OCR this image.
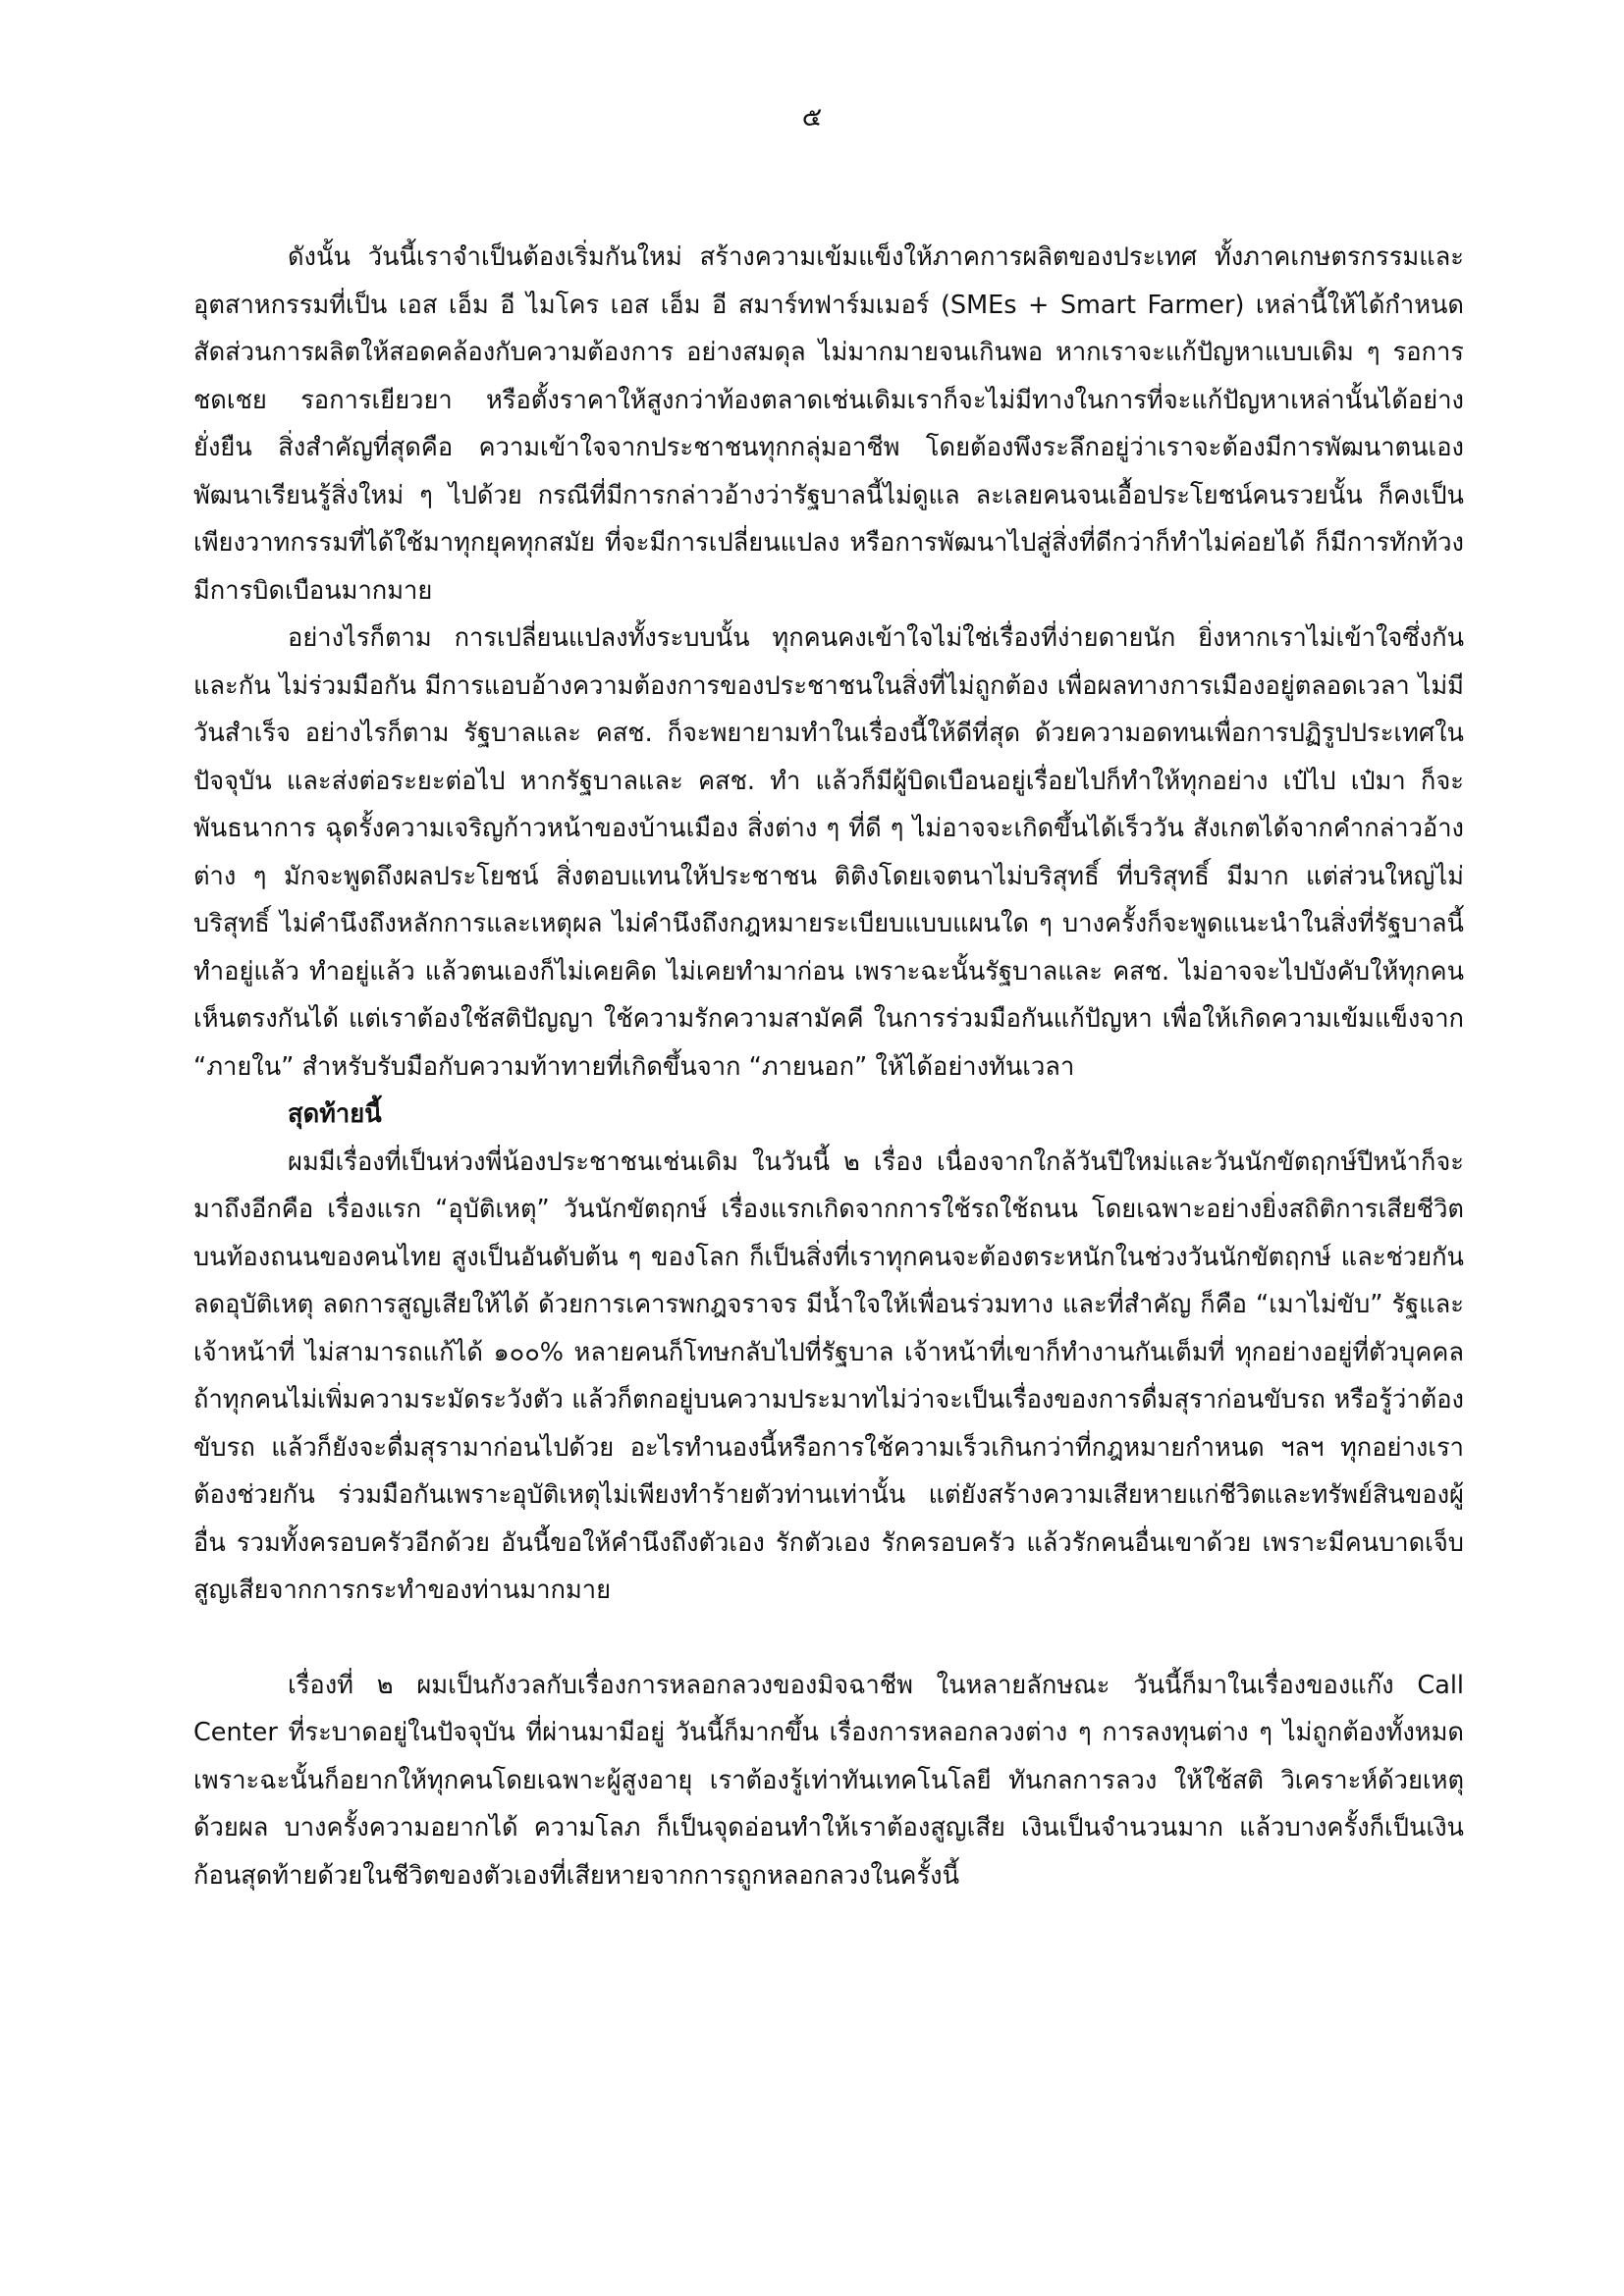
๕

ดังนั้น วันนี้เราจำเป็นต้องเริ่มกันใหม่ สร้างความเข้มแข็งให้ภาคการผลิตของประเทศ ทั้งภาคเกษตรกรรมและอุตสาหกรรมที่เป็น เอส เอ็ม อี ไมโคร เอส เอ็ม อี สมาร์ทฟาร์มเมอร์ (SMEs + Smart Farmer) เหล่านี้ให้ได้กำหนดสัดส่วนการผลิตให้สอดคล้องกับความต้องการ อย่างสมดุล ไม่มากมายจนเกินพอ หากเราจะแก้ปัญหาแบบเดิม ๆ รอการชดเชย รอการเยียวยา หรือตั้งราคาให้สูงกว่าท้องตลาดเช่นเดิมเราก็จะไม่มีทางในการที่จะแก้ปัญหาเหล่านั้นได้อย่างยั่งยืน สิ่งสำคัญที่สุดคือ ความเข้าใจจากประชาชนทุกกลุ่มอาชีพ โดยต้องพึงระลึกอยู่ว่าเราจะต้องมีการพัฒนาตนเอง พัฒนาเรียนรู้สิ่งใหม่ ๆ ไปด้วย กรณีที่มีการกล่าวอ้างว่ารัฐบาลนี้ไม่ดูแล ละเลยคนจนเอื้อประโยชน์คนรวยนั้น ก็คงเป็นเพียงวาทกรรมที่ได้ใช้มาทุกยุคทุกสมัย ที่จะมีการเปลี่ยนแปลง หรือการพัฒนาไปสู่สิ่งที่ดีกว่าก็ทำไม่ค่อยได้ ก็มีการทักท้วง มีการบิดเบือนมากมาย

อย่างไรก็ตาม การเปลี่ยนแปลงทั้งระบบนั้น ทุกคนคงเข้าใจไม่ใช่เรื่องที่ง่ายดายนัก ยิ่งหากเราไม่เข้าใจซึ่งกันและกัน ไม่ร่วมมือกัน มีการแอบอ้างความต้องการของประชาชนในสิ่งที่ไม่ถูกต้อง เพื่อผลทางการเมืองอยู่ตลอดเวลา ไม่มีวันสำเร็จ อย่างไรก็ตาม รัฐบาลและ คสช. ก็จะพยายามทำในเรื่องนี้ให้ดีที่สุด ด้วยความอดทนเพื่อการปฏิรูปประเทศในปัจจุบัน และส่งต่อระยะต่อไป หากรัฐบาลและ คสช. ทำ แล้วก็มีผู้บิดเบือนอยู่เรื่อยไปก็ทำให้ทุกอย่าง เป๋ไป เป๋มา ก็จะพันธนาการ ฉุดรั้งความเจริญก้าวหน้าของบ้านเมือง สิ่งต่าง ๆ ที่ดี ๆ ไม่อาจจะเกิดขึ้นได้เร็ววัน สังเกตได้จากคำกล่าวอ้างต่าง ๆ มักจะพูดถึงผลประโยชน์ สิ่งตอบแทนให้ประชาชน ติติงโดยเจตนาไม่บริสุทธิ์ ที่บริสุทธิ์ มีมาก แต่ส่วนใหญ่ไม่บริสุทธิ์ ไม่คำนึงถึงหลักการและเหตุผล ไม่คำนึงถึงกฎหมายระเบียบแบบแผนใด ๆ บางครั้งก็จะพูดแนะนำในสิ่งที่รัฐบาลนี้ทำอยู่แล้ว ทำอยู่แล้ว แล้วตนเองก็ไม่เคยคิด ไม่เคยทำมาก่อน เพราะฉะนั้นรัฐบาลและ คสช. ไม่อาจจะไปบังคับให้ทุกคนเห็นตรงกันได้ แต่เราต้องใช้สติปัญญา ใช้ความรักความสามัคคี ในการร่วมมือกันแก้ปัญหา เพื่อให้เกิดความเข้มแข็งจาก “ภายใน” สำหรับรับมือกับความท้าทายที่เกิดขึ้นจาก “ภายนอก” ให้ได้อย่างทันเวลา

สุดท้ายนี้

ผมมีเรื่องที่เป็นห่วงพี่น้องประชาชนเช่นเดิม ในวันนี้ ๒ เรื่อง เนื่องจากใกล้วันปีใหม่และวันนักขัตฤกษ์ปีหน้าก็จะมาถึงอีกคือ เรื่องแรก “อุบัติเหตุ” วันนักขัตฤกษ์ เรื่องแรกเกิดจากการใช้รถใช้ถนน โดยเฉพาะอย่างยิ่งสถิติการเสียชีวิตบนท้องถนนของคนไทย สูงเป็นอันดับต้น ๆ ของโลก ก็เป็นสิ่งที่เราทุกคนจะต้องตระหนักในช่วงวันนักขัตฤกษ์ และช่วยกันลดอุบัติเหตุ ลดการสูญเสียให้ได้ ด้วยการเคารพกฎจราจร มีน้ำใจให้เพื่อนร่วมทาง และที่สำคัญ ก็คือ “เมาไม่ขับ” รัฐและเจ้าหน้าที่ ไม่สามารถแก้ได้ ๑๐๐% หลายคนก็โทษกลับไปที่รัฐบาล เจ้าหน้าที่เขาก็ทำงานกันเต็มที่ ทุกอย่างอยู่ที่ตัวบุคคล ถ้าทุกคนไม่เพิ่มความระมัดระวังตัว แล้วก็ตกอยู่บนความประมาทไม่ว่าจะเป็นเรื่องของการดื่มสุราก่อนขับรถ หรือรู้ว่าต้องขับรถ แล้วก็ยังจะดื่มสุรามาก่อนไปด้วย อะไรทำนองนี้หรือการใช้ความเร็วเกินกว่าที่กฎหมายกำหนด ฯลฯ ทุกอย่างเราต้องช่วยกัน ร่วมมือกันเพราะอุบัติเหตุไม่เพียงทำร้ายตัวท่านเท่านั้น แต่ยังสร้างความเสียหายแก่ชีวิตและทรัพย์สินของผู้อื่น รวมทั้งครอบครัวอีกด้วย อันนี้ขอให้คำนึงถึงตัวเอง รักตัวเอง รักครอบครัว แล้วรักคนอื่นเขาด้วย เพราะมีคนบาดเจ็บ สูญเสียจากการกระทำของท่านมากมาย

เรื่องที่ ๒ ผมเป็นกังวลกับเรื่องการหลอกลวงของมิจฉาชีพ ในหลายลักษณะ วันนี้ก็มาในเรื่องของแก๊ง Call Center ที่ระบาดอยู่ในปัจจุบัน ที่ผ่านมามีอยู่ วันนี้ก็มากขึ้น เรื่องการหลอกลวงต่าง ๆ การลงทุนต่าง ๆ ไม่ถูกต้องทั้งหมด เพราะฉะนั้นก็อยากให้ทุกคนโดยเฉพาะผู้สูงอายุ เราต้องรู้เท่าทันเทคโนโลยี ทันกลการลวง ให้ใช้สติ วิเคราะห์ด้วยเหตุด้วยผล บางครั้งความอยากได้ ความโลภ ก็เป็นจุดอ่อนทำให้เราต้องสูญเสีย เงินเป็นจำนวนมาก แล้วบางครั้งก็เป็นเงินก้อนสุดท้ายด้วยในชีวิตของตัวเองที่เสียหายจากการถูกหลอกลวงในครั้งนี้
